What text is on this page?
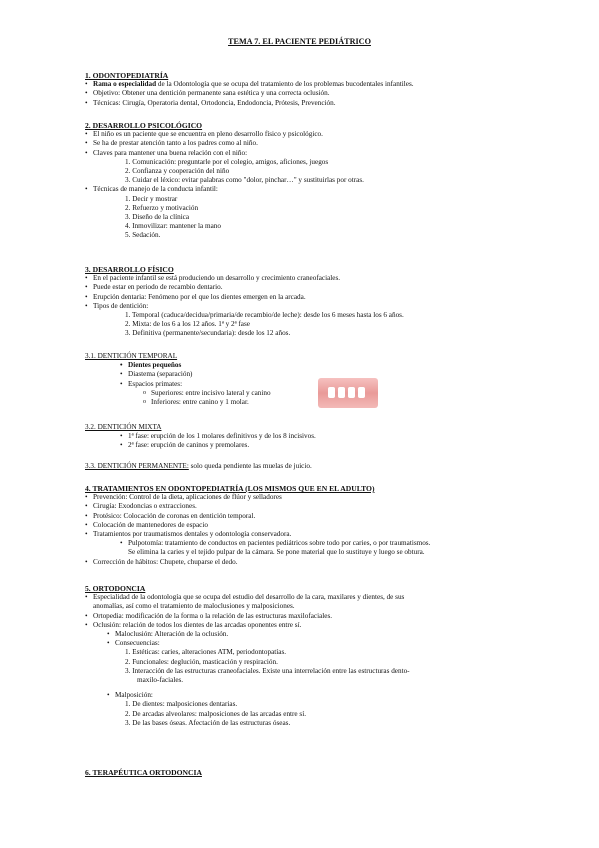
TEMA 7. EL PACIENTE PEDIÁTRICO
1. ODONTOPEDIATRÍA
• Rama o especialidad de la Odontología que se ocupa del tratamiento de los problemas bucodentales infantiles.
• Objetivo: Obtener una dentición permanente sana estética y una correcta oclusión.
• Técnicas: Cirugía, Operatoria dental, Ortodoncia, Endodoncia, Prótesis, Prevención.
2. DESARROLLO PSICOLÓGICO
• El niño es un paciente que se encuentra en pleno desarrollo físico y psicológico.
• Se ha de prestar atención tanto a los padres como al niño.
• Claves para mantener una buena relación con el niño:
1. Comunicación: preguntarle por el colegio, amigos, aficiones, juegos
2. Confianza y cooperación del niño
3. Cuidar el léxico: evitar palabras como "dolor, pinchar…" y sustituirlas por otras.
• Técnicas de manejo de la conducta infantil:
1. Decir y mostrar
2. Refuerzo y motivación
3. Diseño de la clínica
4. Inmovilizar: mantener la mano
5. Sedación.
3. DESARROLLO FÍSICO
• En el paciente infantil se está produciendo un desarrollo y crecimiento craneofaciales.
• Puede estar en periodo de recambio dentario.
• Erupción dentaria: Fenómeno por el que los dientes emergen en la arcada.
• Tipos de dentición:
1. Temporal (caduca/decidua/primaria/de recambio/de leche): desde los 6 meses hasta los 6 años.
2. Mixta: de los 6 a los 12 años. 1ª y 2ª fase
3. Definitiva (permanente/secundaria): desde los 12 años.
3.1. DENTICIÓN TEMPORAL
• Dientes pequeños
• Diastema (separación)
• Espacios primates:
o Superiores: entre incisivo lateral y canino
o Inferiores: entre canino y 1 molar.
3.2. DENTICIÓN MIXTA
• 1ª fase: erupción de los 1 molares definitivos y de los 8 incisivos.
• 2ª fase: erupción de caninos y premolares.
3.3. DENTICIÓN PERMANENTE: solo queda pendiente las muelas de juicio.
4. TRATAMIENTOS EN ODONTOPEDIATRÍA (LOS MISMOS QUE EN EL ADULTO)
• Prevención: Control de la dieta, aplicaciones de flúor y selladores
• Cirugía: Exodoncias o extracciones.
• Protésico: Colocación de coronas en dentición temporal.
• Colocación de mantenedores de espacio
• Tratamientos por traumatismos dentales y odontología conservadora.
• Pulpotomía: tratamiento de conductos en pacientes pediátricos sobre todo por caries, o por traumatismos.
Se elimina la caries y el tejido pulpar de la cámara. Se pone material que lo sustituye y luego se obtura.
• Corrección de hábitos: Chupete, chuparse el dedo.
5. ORTODONCIA
• Especialidad de la odontología que se ocupa del estudio del desarrollo de la cara, maxilares y dientes, de sus
anomalías, así como el tratamiento de maloclusiones y malposiciones.
• Ortopedia: modificación de la forma o la relación de las estructuras maxilofaciales.
• Oclusión: relación de todos los dientes de las arcadas oponentes entre sí.
• Maloclusión: Alteración de la oclusión.
• Consecuencias:
1. Estéticas: caries, alteraciones ATM, periodontopatías.
2. Funcionales: deglución, masticación y respiración.
3. Interacción de las estructuras craneofaciales. Existe una interrelación entre las estructuras dento-
maxilo-faciales.
• Malposición:
1. De dientes: malposiciones dentarias.
2. De arcadas alveolares: malposiciones de las arcadas entre sí.
3. De las bases óseas. Afectación de las estructuras óseas.
6. TERAPÉUTICA ORTODONCIA
